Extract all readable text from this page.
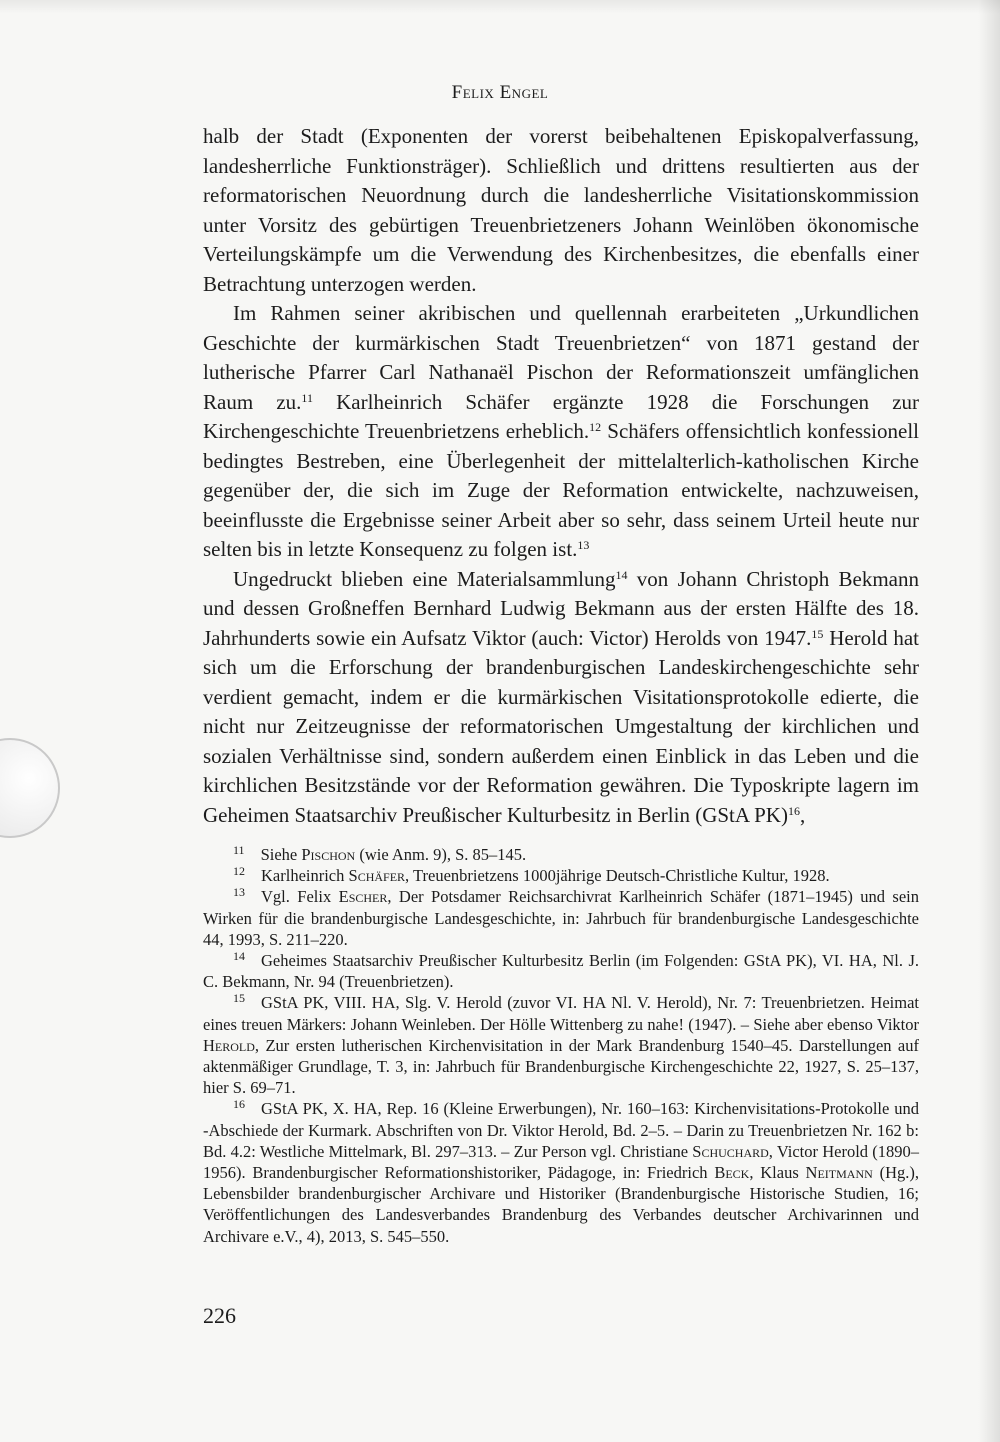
Felix Engel

halb der Stadt (Exponenten der vorerst beibehaltenen Episkopalverfassung, landesherrliche Funktionsträger). Schließlich und drittens resultierten aus der reformatorischen Neuordnung durch die landesherrliche Visitationskommission unter Vorsitz des gebürtigen Treuenbrietzeners Johann Weinlöben ökonomische Verteilungskämpfe um die Verwendung des Kirchenbesitzes, die ebenfalls einer Betrachtung unterzogen werden.

Im Rahmen seiner akribischen und quellennah erarbeiteten „Urkundlichen Geschichte der kurmärkischen Stadt Treuenbrietzen“ von 1871 gestand der lutherische Pfarrer Carl Nathanaël Pischon der Reformationszeit umfänglichen Raum zu.$^{11}$ Karlheinrich Schäfer ergänzte 1928 die Forschungen zur Kirchengeschichte Treuenbrietzens erheblich.$^{12}$ Schäfers offensichtlich konfessionell bedingtes Bestreben, eine Überlegenheit der mittelalterlich-katholischen Kirche gegenüber der, die sich im Zuge der Reformation entwickelte, nachzuweisen, beeinflusste die Ergebnisse seiner Arbeit aber so sehr, dass seinem Urteil heute nur selten bis in letzte Konsequenz zu folgen ist.$^{13}$

Ungedruckt blieben eine Materialsammlung$^{14}$ von Johann Christoph Bekmann und dessen Großneffen Bernhard Ludwig Bekmann aus der ersten Hälfte des 18. Jahrhunderts sowie ein Aufsatz Viktor (auch: Victor) Herolds von 1947.15 Herold hat sich um die Erforschung der brandenburgischen Landeskirchengeschichte sehr verdient gemacht, indem er die kurmärkischen Visitationsprotokolle edierte, die nicht nur Zeitzeugnisse der reformatorischen Umgestaltung der kirchlichen und sozialen Verhältnisse sind, sondern außerdem einen Einblick in das Leben und die kirchlichen Besitzstände vor der Reformation gewähren. Die Typoskripte lagern im Geheimen Staatsarchiv Preußischer Kulturbesitz in Berlin (GStA PK)$^{16}$,

$^{11}$ Siehe Pischon (wie Anm. 9), S. 85–145.

$^{12}$ Karlheinrich Schäfer, Treuenbrietzens 1000jährige Deutsch-Christliche Kultur, 1928.

$^{13}$ Vgl. Felix Escher, Der Potsdamer Reichsarchivrat Karlheinrich Schäfer (1871–1945) und sein Wirken für die brandenburgische Landesgeschichte, in: Jahrbuch für brandenburgische Landesgeschichte 44, 1993, S. 211–220.

$^{14}$ Geheimes Staatsarchiv Preußischer Kulturbesitz Berlin (im Folgenden: GStA PK), VI. HA, Nl. J. C. Bekmann, Nr. 94 (Treuenbrietzen).

$^{15}$ GStA PK, VIII. HA, Slg. V. Herold (zuvor VI. HA Nl. V. Herold), Nr. 7: Treuenbrietzen. Heimat eines treuen Märkers: Johann Weinleben. Der Hölle Wittenberg zu nahe! (1947). – Siehe aber ebenso Viktor Herold, Zur ersten lutherischen Kirchenvisitation in der Mark Brandenburg 1540–45. Darstellungen auf aktenmäßiger Grundlage, T. 3, in: Jahrbuch für Brandenburgische Kirchengeschichte 22, 1927, S. 25–137, hier S. 69–71.

$^{16}$ GStA PK, X. HA, Rep. 16 (Kleine Erwerbungen), Nr. 160–163: Kirchenvisitations-Protokolle und -Abschiede der Kurmark. Abschriften von Dr. Viktor Herold, Bd. 2–5. – Darin zu Treuenbrietzen Nr. 162 b: Bd. 4.2: Westliche Mittelmark, Bl. 297–313. – Zur Person vgl. Christiane Schuchard, Victor Herold (1890–1956). Brandenburgischer Reformationshistoriker, Pädagoge, in: Friedrich Beck, Klaus Neitmann (Hg.), Lebensbilder brandenburgischer Archivare und Historiker (Brandenburgische Historische Studien, 16; Veröffentlichungen des Landesverbandes Brandenburg des Verbandes deutscher Archivarinnen und Archivare e.V., 4), 2013, S. 545–550.

226
